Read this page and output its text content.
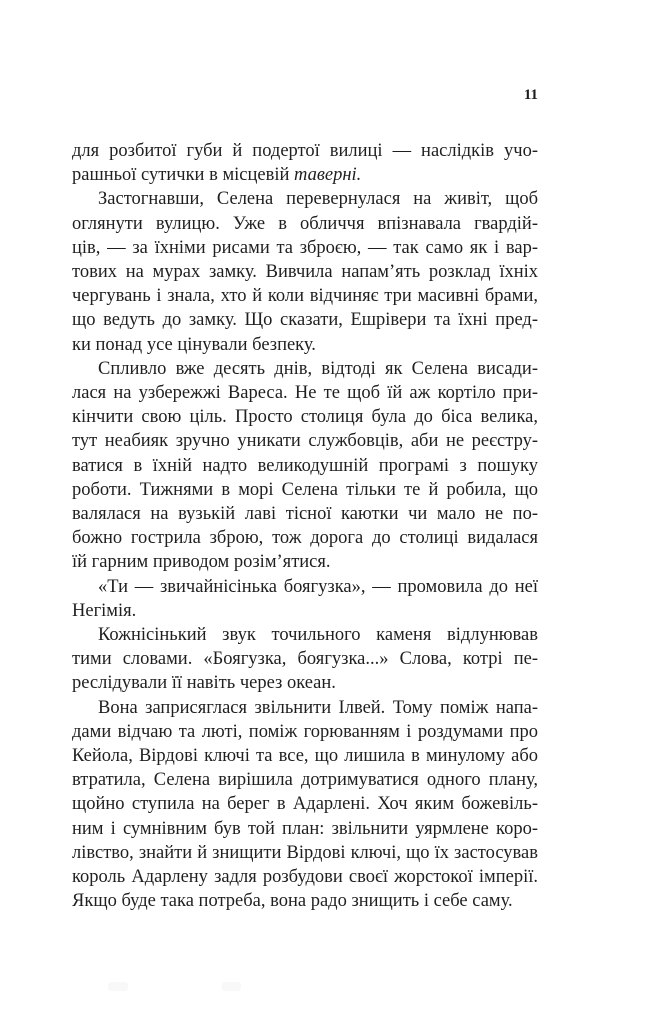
11
для розбитої губи й подертої вилиці — наслідків учо-
рашньої сутички в місцевій таверні.
Застогнавши, Селена перевернулася на живіт, щоб
оглянути вулицю. Уже в обличчя впізнавала гвардій-
ців, — за їхніми рисами та зброєю, — так само як і вар-
тових на мурах замку. Вивчила напам’ять розклад їхніх
чергувань і знала, хто й коли відчиняє три масивні брами,
що ведуть до замку. Що сказати, Ешрівери та їхні пред-
ки понад усе цінували безпеку.
Спливло вже десять днів, відтоді як Селена висади-
лася на узбережжі Вареса. Не те щоб їй аж кортіло при-
кінчити свою ціль. Просто столиця була до біса велика,
тут неабияк зручно уникати службовців, аби не реєстру-
ватися в їхній надто великодушній програмі з пошуку
роботи. Тижнями в морі Селена тільки те й робила, що
валялася на вузькій лаві тісної каютки чи мало не по-
божно гострила зброю, тож дорога до столиці видалася
їй гарним приводом розім’ятися.
«Ти — звичайнісінька боягузка», — промовила до неї
Негімія.
Кожнісінький звук точильного каменя відлунював
тими словами. «Боягузка, боягузка...» Слова, котрі пе-
реслідували її навіть через океан.
Вона заприсяглася звільнити Ілвей. Тому поміж напа-
дами відчаю та люті, поміж горюванням і роздумами про
Кейола, Вірдові ключі та все, що лишила в минулому або
втратила, Селена вирішила дотримуватися одного плану,
щойно ступила на берег в Адарлені. Хоч яким божевіль-
ним і сумнівним був той план: звільнити уярмлене коро-
лівство, знайти й знищити Вірдові ключі, що їх застосував
король Адарлену задля розбудови своєї жорстокої імперії.
Якщо буде така потреба, вона радо знищить і себе саму.
